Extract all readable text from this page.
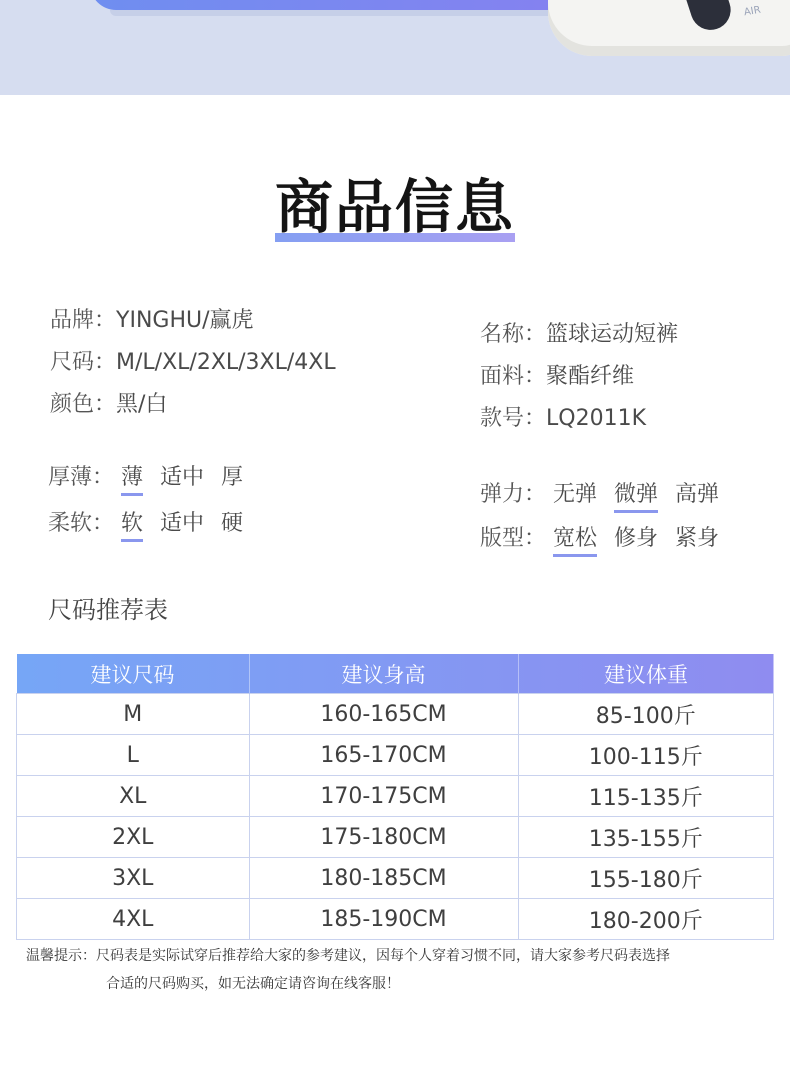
AIR
商品信息
品牌：YINGHU/赢虎
尺码：M/L/XL/2XL/3XL/4XL
颜色：黑/白
名称：篮球运动短裤
面料：聚酯纤维
款号：LQ2011K
厚薄： 薄 适中 厚
柔软： 软 适中 硬
弹力： 无弹 微弹 高弹
版型： 宽松 修身 紧身
尺码推荐表
建议尺码	建议身高	建议体重
M	160-165CM	85-100斤
L	165-170CM	100-115斤
XL	170-175CM	115-135斤
2XL	175-180CM	135-155斤
3XL	180-185CM	155-180斤
4XL	185-190CM	180-200斤
温馨提示：尺码表是实际试穿后推荐给大家的参考建议，因每个人穿着习惯不同，请大家参考尺码表选择
合适的尺码购买，如无法确定请咨询在线客服！
